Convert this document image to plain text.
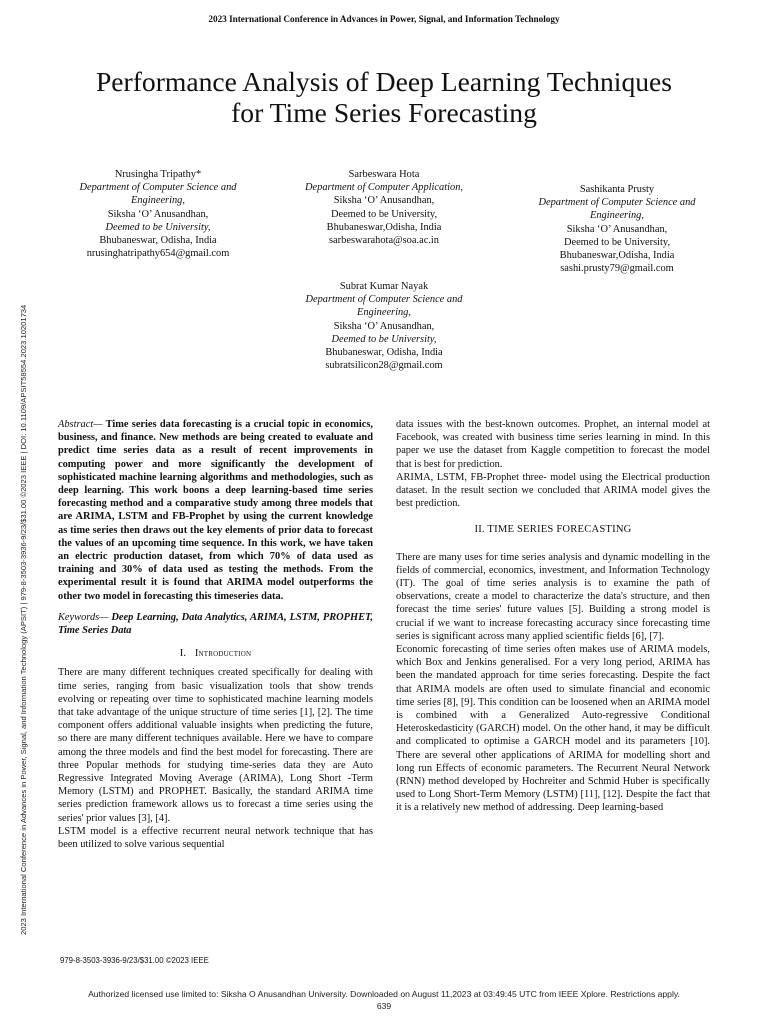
2023 International Conference in Advances in Power, Signal, and Information Technology
2023 International Conference in Advances in Power, Signal, and Information Technology (APSIT) | 979-8-3503-3936-9/23/$31.00 ©2023 IEEE | DOI: 10.1109/APSIT58554.2023.10201734
Performance Analysis of Deep Learning Techniques
for Time Series Forecasting
Nrusingha Tripathy*
Department of Computer Science and Engineering,
Siksha ‘O’ Anusandhan,
Deemed to be University,
Bhubaneswar, Odisha, India
nrusinghatripathy654@gmail.com
Sarbeswara Hota
Department of Computer Application,
Siksha ‘O’ Anusandhan,
Deemed to be University,
Bhubaneswar,Odisha, India
sarbeswarahota@soa.ac.in
Sashikanta Prusty
Department of Computer Science and Engineering,
Siksha ‘O’ Anusandhan,
Deemed to be University,
Bhubaneswar,Odisha, India
sashi.prusty79@gmail.com
Subrat Kumar Nayak
Department of Computer Science and Engineering,
Siksha ‘O’ Anusandhan,
Deemed to be University,
Bhubaneswar, Odisha, India
subratsilicon28@gmail.com

Abstract— Time series data forecasting is a crucial topic in economics, business, and finance. New methods are being created to evaluate and predict time series data as a result of recent improvements in computing power and more significantly the development of sophisticated machine learning algorithms and methodologies, such as deep learning. This work boons a deep learning-based time series forecasting method and a comparative study among three models that are ARIMA, LSTM and FB-Prophet by using the current knowledge as time series then draws out the key elements of prior data to forecast the values of an upcoming time sequence. In this work, we have taken an electric production dataset, from which 70% of data used as training and 30% of data used as testing the methods. From the experimental result it is found that ARIMA model outperforms the other two model in forecasting this timeseries data.

Keywords— Deep Learning, Data Analytics, ARIMA, LSTM, PROPHET, Time Series Data

I. Introduction

There are many different techniques created specifically for dealing with time series, ranging from basic visualization tools that show trends evolving or repeating over time to sophisticated machine learning models that take advantage of the unique structure of time series [1], [2]. The time component offers additional valuable insights when predicting the future, so there are many different techniques available. Here we have to compare among the three models and find the best model for forecasting. There are three Popular methods for studying time-series data they are Auto Regressive Integrated Moving Average (ARIMA), Long Short -Term Memory (LSTM) and PROPHET. Basically, the standard ARIMA time series prediction framework allows us to forecast a time series using the series' prior values [3], [4].

LSTM model is a effective recurrent neural network technique that has been utilized to solve various sequential

data issues with the best-known outcomes. Prophet, an internal model at Facebook, was created with business time series learning in mind. In this paper we use the dataset from Kaggle competition to forecast the model that is best for prediction.

ARIMA, LSTM, FB-Prophet three- model using the Electrical production dataset. In the result section we concluded that ARIMA model gives the best prediction.

II. TIME SERIES FORECASTING

There are many uses for time series analysis and dynamic modelling in the fields of commercial, economics, investment, and Information Technology (IT). The goal of time series analysis is to examine the path of observations, create a model to characterize the data's structure, and then forecast the time series' future values [5]. Building a strong model is crucial if we want to increase forecasting accuracy since forecasting time series is significant across many applied scientific fields [6], [7].

Economic forecasting of time series often makes use of ARIMA models, which Box and Jenkins generalised. For a very long period, ARIMA has been the mandated approach for time series forecasting. Despite the fact that ARIMA models are often used to simulate financial and economic time series [8], [9]. This condition can be loosened when an ARIMA model is combined with a Generalized Auto-regressive Conditional Heteroskedasticity (GARCH) model. On the other hand, it may be difficult and complicated to optimise a GARCH model and its parameters [10]. There are several other applications of ARIMA for modelling short and long run Effects of economic parameters. The Recurrent Neural Network (RNN) method developed by Hochreiter and Schmid Huber is specifically used to Long Short-Term Memory (LSTM) [11], [12]. Despite the fact that it is a relatively new method of addressing. Deep learning-based

979-8-3503-3936-9/23/$31.00 ©2023 IEEE
Authorized licensed use limited to: Siksha O Anusandhan University. Downloaded on August 11,2023 at 03:49:45 UTC from IEEE Xplore. Restrictions apply.
639
